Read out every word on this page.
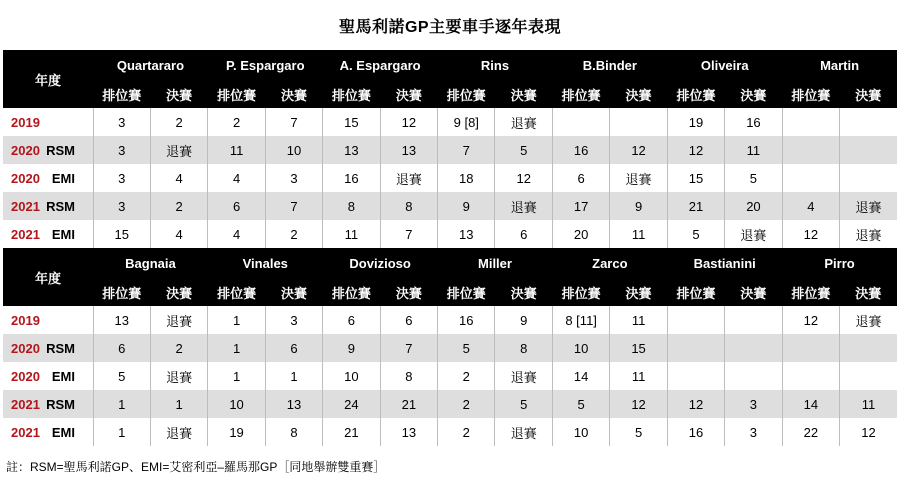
聖馬利諾GP主要車手逐年表現
年度	Quartararo		P. Espargaro		A. Espargaro		Rins		B.Binder		Oliveira		Martin	
	排位賽	決賽	排位賽	決賽	排位賽	決賽	排位賽	決賽	排位賽	決賽	排位賽	決賽	排位賽	決賽
2019	3	2	2	7	15	12	9 [8]	退賽			19	16		
2020 RSM	3	退賽	11	10	13	13	7	5	16	12	12	11		
2020 EMI	3	4	4	3	16	退賽	18	12	6	退賽	15	5		
2021 RSM	3	2	6	7	8	8	9	退賽	17	9	21	20	4	退賽
2021 EMI	15	4	4	2	11	7	13	6	20	11	5	退賽	12	退賽
年度	Bagnaia		Vinales		Dovizioso		Miller		Zarco		Bastianini		Pirro	
	排位賽	決賽	排位賽	決賽	排位賽	決賽	排位賽	決賽	排位賽	決賽	排位賽	決賽	排位賽	決賽
2019	13	退賽	1	3	6	6	16	9	8 [11]	11			12	退賽
2020 RSM	6	2	1	6	9	7	5	8	10	15				
2020 EMI	5	退賽	1	1	10	8	2	退賽	14	11				
2021 RSM	1	1	10	13	24	21	2	5	5	12	12	3	14	11
2021 EMI	1	退賽	19	8	21	13	2	退賽	10	5	16	3	22	12
註：RSM=聖馬利諾GP、EMI=艾密利亞–羅馬那GP［同地舉辦雙重賽］
